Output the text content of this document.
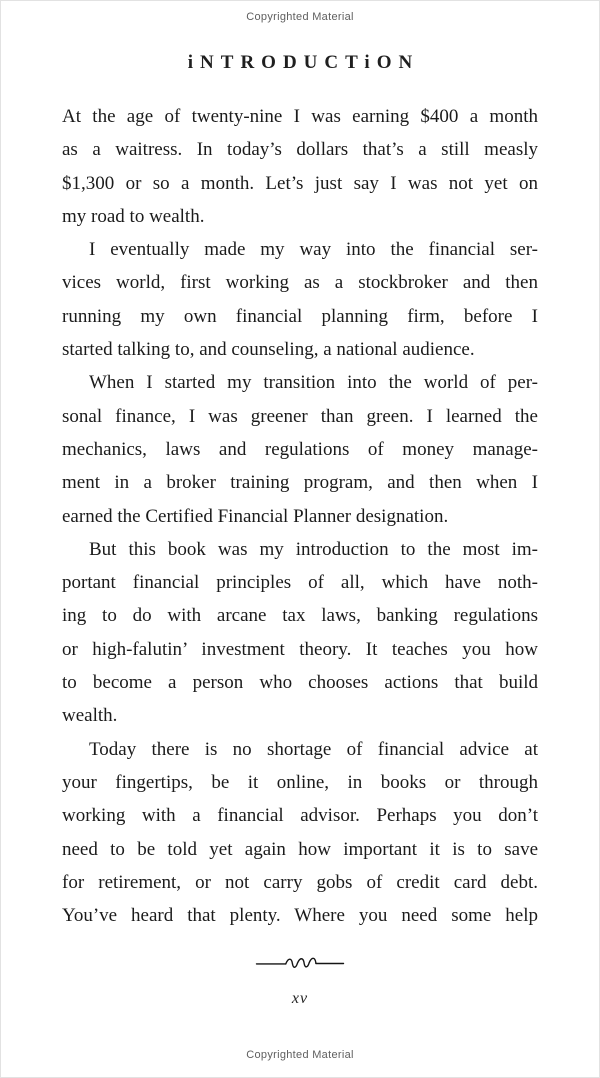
Copyrighted Material
iNTRODUCTiON

At the age of twenty-nine I was earning $400 a month
as a waitress. In today’s dollars that’s a still measly
$1,300 or so a month. Let’s just say I was not yet on
my road to wealth.

I eventually made my way into the financial ser-
vices world, first working as a stockbroker and then
running my own financial planning firm, before I
started talking to, and counseling, a national audience.

When I started my transition into the world of per-
sonal finance, I was greener than green. I learned the
mechanics, laws and regulations of money manage-
ment in a broker training program, and then when I
earned the Certified Financial Planner designation.

But this book was my introduction to the most im-
portant financial principles of all, which have noth-
ing to do with arcane tax laws, banking regulations
or high-falutin’ investment theory. It teaches you how
to become a person who chooses actions that build
wealth.

Today there is no shortage of financial advice at
your fingertips, be it online, in books or through
working with a financial advisor. Perhaps you don’t
need to be told yet again how important it is to save
for retirement, or not carry gobs of credit card debt.
You’ve heard that plenty. Where you need some help

xv
Copyrighted Material
